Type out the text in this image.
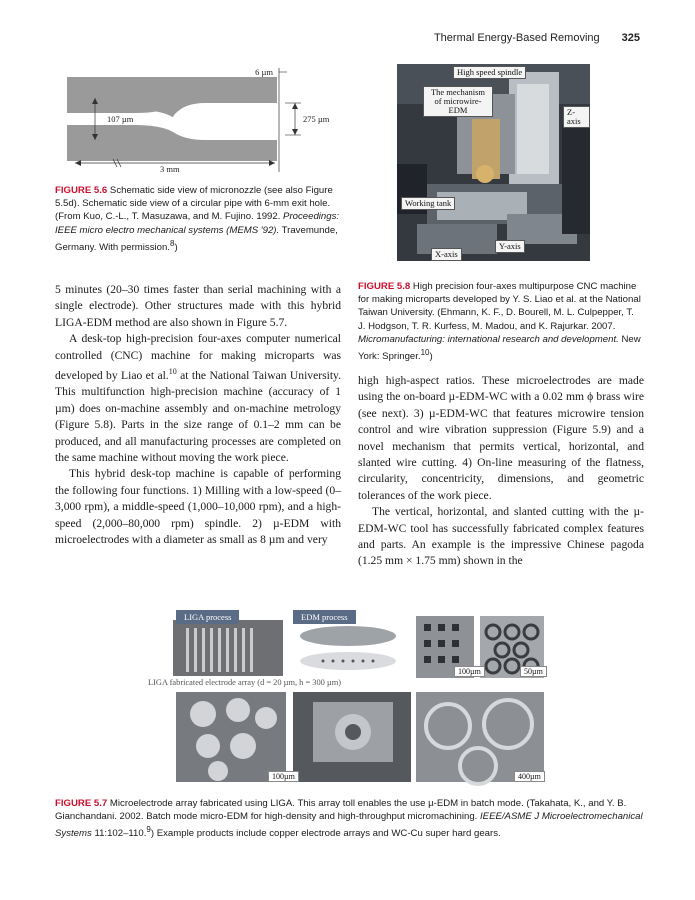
Thermal Energy-Based Removing 325
6 µm
107 µm	275 µm
3 mm
FIGURE 5.6 Schematic side view of micronozzle (see also Figure 5.5d). Schematic side view of a circular pipe with 6-mm exit hole. (From Kuo, C.-L., T. Masuzawa, and M. Fujino. 1992. Proceedings: IEEE micro electro mechanical systems (MEMS '92). Travemunde, Germany. With permission.$^8$)
High speed spindle
The mechanism of microwire-EDM	Z-axis
Working tank
Y-axis
X-axis
FIGURE 5.8 High precision four-axes multipurpose CNC machine for making microparts developed by Y. S. Liao et al. at the National Taiwan University. (Ehmann, K. F., D. Bourell, M. L. Culpepper, T. J. Hodgson, T. R. Kurfess, M. Madou, and K. Rajurkar. 2007. Micromanufacturing: international research and development. New York: Springer.$^{10}$)

5 minutes (20–30 times faster than serial machining with a single electrode). Other structures made with this hybrid LIGA-EDM method are also shown in Figure 5.7.

A desk-top high-precision four-axes computer numerical controlled (CNC) machine for making microparts was developed by Liao et al.$^{10}$ at the National Taiwan University. This multifunction high-precision machine (accuracy of 1 µm) does on-machine assembly and on-machine metrology (Figure 5.8). Parts in the size range of 0.1–2 mm can be produced, and all manufacturing processes are completed on the same machine without moving the work piece.

This hybrid desk-top machine is capable of performing the following four functions. 1) Milling with a low-speed (0–3,000 rpm), a middle-speed (1,000–10,000 rpm), and a high-speed (2,000–80,000 rpm) spindle. 2) µ-EDM with microelectrodes with a diameter as small as 8 µm and very

high high-aspect ratios. These microelectrodes are made using the on-board µ-EDM-WC with a 0.02 mm ϕ brass wire (see next). 3) µ-EDM-WC that features microwire tension control and wire vibration suppression (Figure 5.9) and a novel mechanism that permits vertical, horizontal, and slanted wire cutting. 4) On-line measuring of the flatness, circularity, concentricity, dimensions, and geometric tolerances of the work piece.

The vertical, horizontal, and slanted cutting with the µ-EDM-WC tool has successfully fabricated complex features and parts. An example is the impressive Chinese pagoda (1.25 mm × 1.75 mm) shown in the

LIGA process	EDM process
LIGA fabricated electrode array (d = 20 µm, h = 300 µm)
100µm	50µm
100µm	400µm
FIGURE 5.7 Microelectrode array fabricated using LIGA. This array toll enables the use µ-EDM in batch mode. (Takahata, K., and Y. B. Gianchandani. 2002. Batch mode micro-EDM for high-density and high-throughput micromachining. IEEE/ASME J Microelectromechanical Systems 11:102–110.$^9$) Example products include copper electrode arrays and WC-Cu super hard gears.
